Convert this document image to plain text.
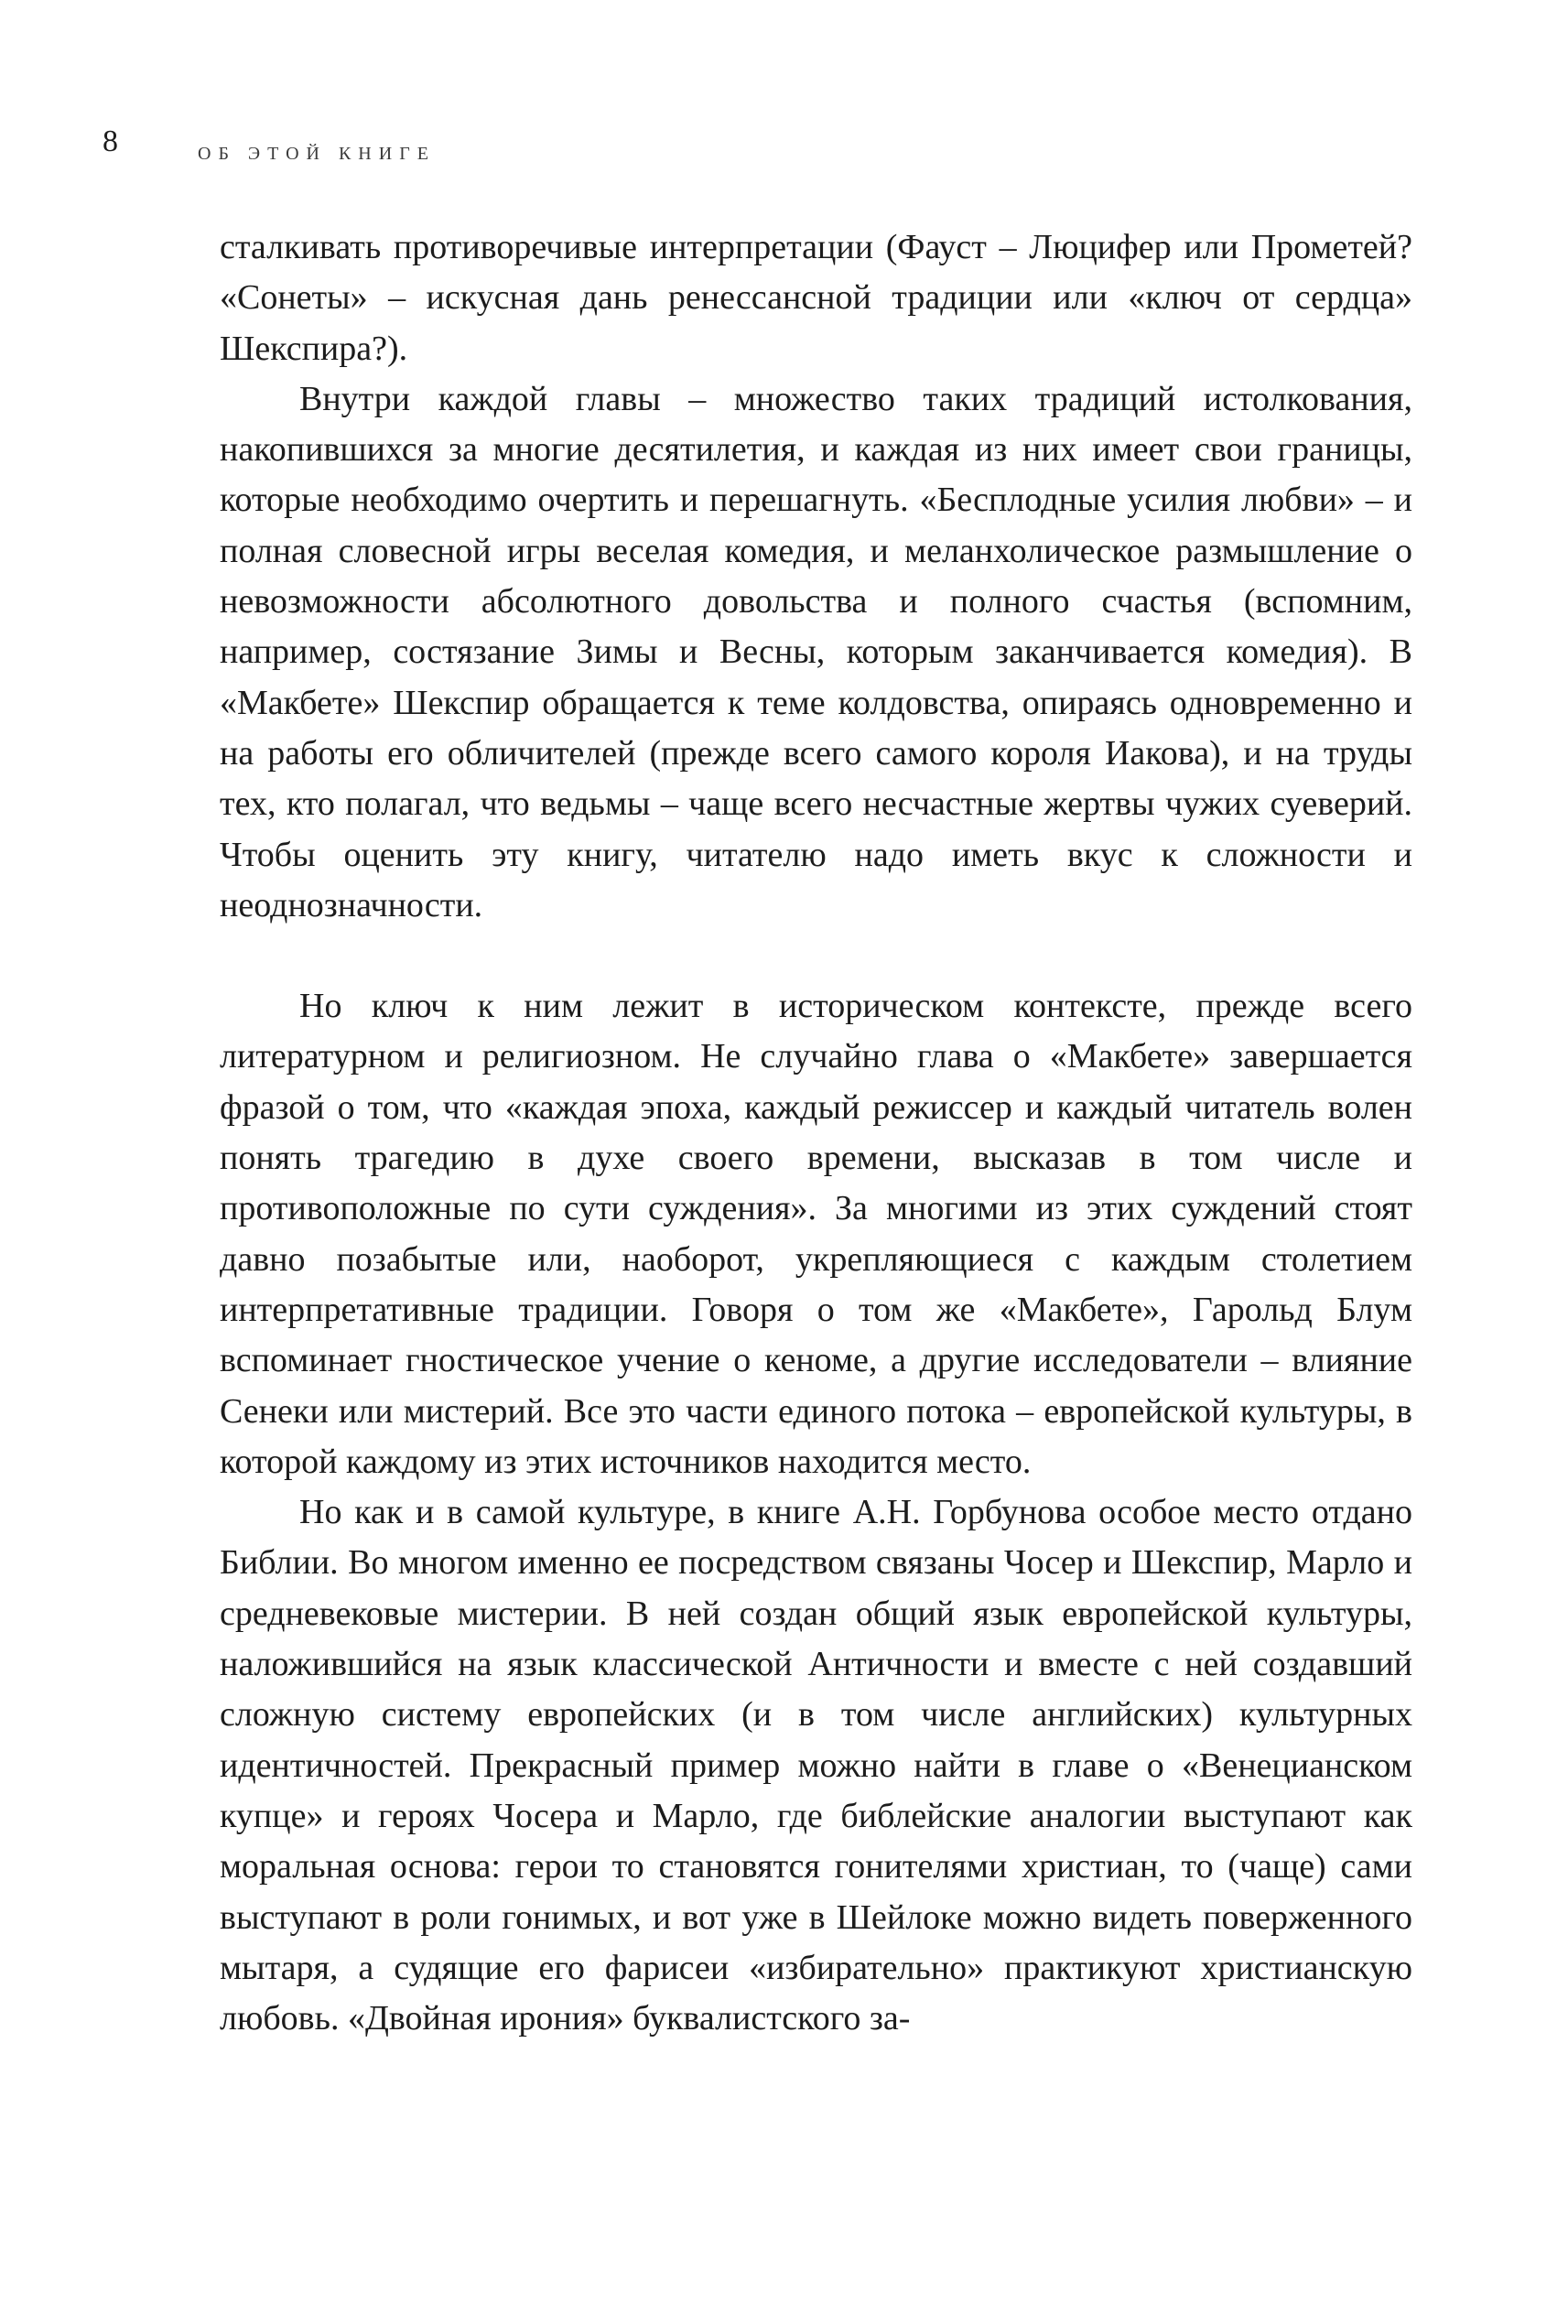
8	ОБ ЭТОЙ КНИГЕ

сталкивать противоречивые интерпретации (Фауст – Люцифер или Прометей? «Сонеты» – искусная дань ренессансной традиции или «ключ от сердца» Шекспира?).

Внутри каждой главы – множество таких традиций истолкования, накопившихся за многие десятилетия, и каждая из них имеет свои границы, которые необходимо очертить и перешагнуть. «Бесплодные усилия любви» – и полная словесной игры веселая комедия, и меланхолическое размышление о невозможности абсолютного довольства и полного счастья (вспомним, например, состязание Зимы и Весны, которым заканчивается комедия). В «Макбете» Шекспир обращается к теме колдовства, опираясь одновременно и на работы его обличителей (прежде всего самого короля Иакова), и на труды тех, кто полагал, что ведьмы – чаще всего несчастные жертвы чужих суеверий. Чтобы оценить эту книгу, читателю надо иметь вкус к сложности и неоднозначности.

Но ключ к ним лежит в историческом контексте, прежде всего литературном и религиозном. Не случайно глава о «Макбете» завершается фразой о том, что «каждая эпоха, каждый режиссер и каждый читатель волен понять трагедию в духе своего времени, высказав в том числе и противоположные по сути суждения». За многими из этих суждений стоят давно позабытые или, наоборот, укрепляющиеся с каждым столетием интерпретативные традиции. Говоря о том же «Макбете», Гарольд Блум вспоминает гностическое учение о кеноме, а другие исследователи – влияние Сенеки или мистерий. Все это части единого потока – европейской культуры, в которой каждому из этих источников находится место.

Но как и в самой культуре, в книге А.Н. Горбунова особое место отдано Библии. Во многом именно ее посредством связаны Чосер и Шекспир, Марло и средневековые мистерии. В ней создан общий язык европейской культуры, наложившийся на язык классической Античности и вместе с ней создавший сложную систему европейских (и в том числе английских) культурных идентичностей. Прекрасный пример можно найти в главе о «Венецианском купце» и героях Чосера и Марло, где библейские аналогии выступают как моральная основа: герои то становятся гонителями христиан, то (чаще) сами выступают в роли гонимых, и вот уже в Шейлоке можно видеть поверженного мытаря, а судящие его фарисеи «избирательно» практикуют христианскую любовь. «Двойная ирония» буквалистского за-
